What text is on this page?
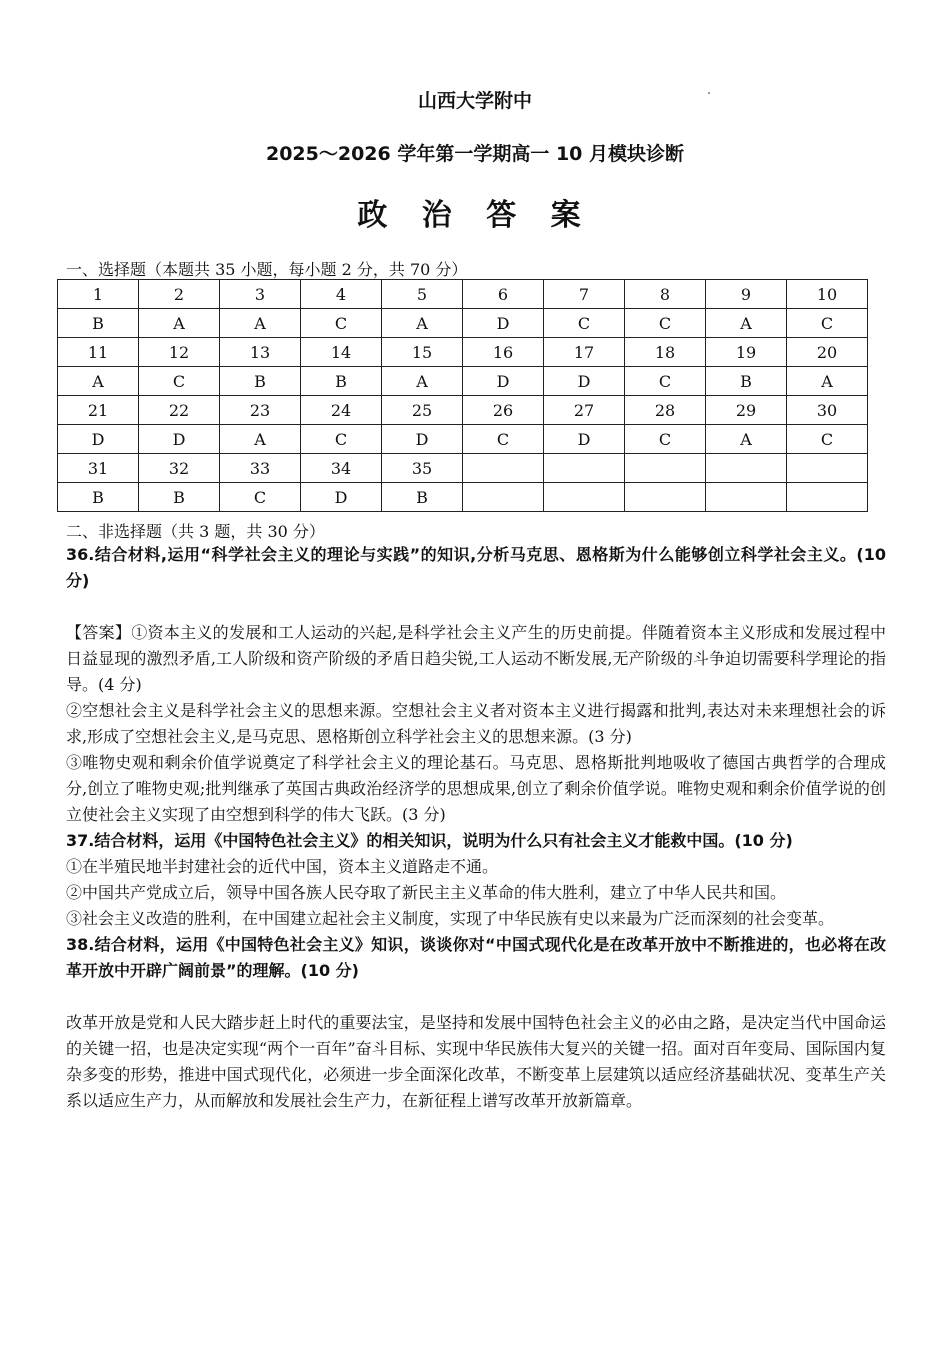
山西大学附中
2025～2026 学年第一学期高一 10 月模块诊断
政 治 答 案
一、选择题（本题共 35 小题，每小题 2 分，共 70 分）
1	2	3	4	5	6	7	8	9	10
B	A	A	C	A	D	C	C	A	C
11	12	13	14	15	16	17	18	19	20
A	C	B	B	A	D	D	C	B	A
21	22	23	24	25	26	27	28	29	30
D	D	A	C	D	C	D	C	A	C
31	32	33	34	35					
B	B	C	D	B					
二、非选择题（共 3 题，共 30 分）

36.结合材料,运用“科学社会主义的理论与实践”的知识,分析马克思、恩格斯为什么能够创立科学社会主义。(10 分)

【答案】①资本主义的发展和工人运动的兴起,是科学社会主义产生的历史前提。伴随着资本主义形成和发展过程中日益显现的激烈矛盾,工人阶级和资产阶级的矛盾日趋尖锐,工人运动不断发展,无产阶级的斗争迫切需要科学理论的指导。(4 分)

②空想社会主义是科学社会主义的思想来源。空想社会主义者对资本主义进行揭露和批判,表达对未来理想社会的诉求,形成了空想社会主义,是马克思、恩格斯创立科学社会主义的思想来源。(3 分)

③唯物史观和剩余价值学说奠定了科学社会主义的理论基石。马克思、恩格斯批判地吸收了德国古典哲学的合理成分,创立了唯物史观;批判继承了英国古典政治经济学的思想成果,创立了剩余价值学说。唯物史观和剩余价值学说的创立使社会主义实现了由空想到科学的伟大飞跃。(3 分)

37.结合材料，运用《中国特色社会主义》的相关知识，说明为什么只有社会主义才能救中国。(10 分)

①在半殖民地半封建社会的近代中国，资本主义道路走不通。

②中国共产党成立后，领导中国各族人民夺取了新民主主义革命的伟大胜利，建立了中华人民共和国。

③社会主义改造的胜利，在中国建立起社会主义制度，实现了中华民族有史以来最为广泛而深刻的社会变革。

38.结合材料，运用《中国特色社会主义》知识，谈谈你对“中国式现代化是在改革开放中不断推进的，也必将在改革开放中开辟广阔前景”的理解。(10 分)

改革开放是党和人民大踏步赶上时代的重要法宝，是坚持和发展中国特色社会主义的必由之路，是决定当代中国命运的关键一招，也是决定实现“两个一百年”奋斗目标、实现中华民族伟大复兴的关键一招。面对百年变局、国际国内复杂多变的形势，推进中国式现代化，必须进一步全面深化改革，不断变革上层建筑以适应经济基础状况、变革生产关系以适应生产力，从而解放和发展社会生产力，在新征程上谱写改革开放新篇章。
